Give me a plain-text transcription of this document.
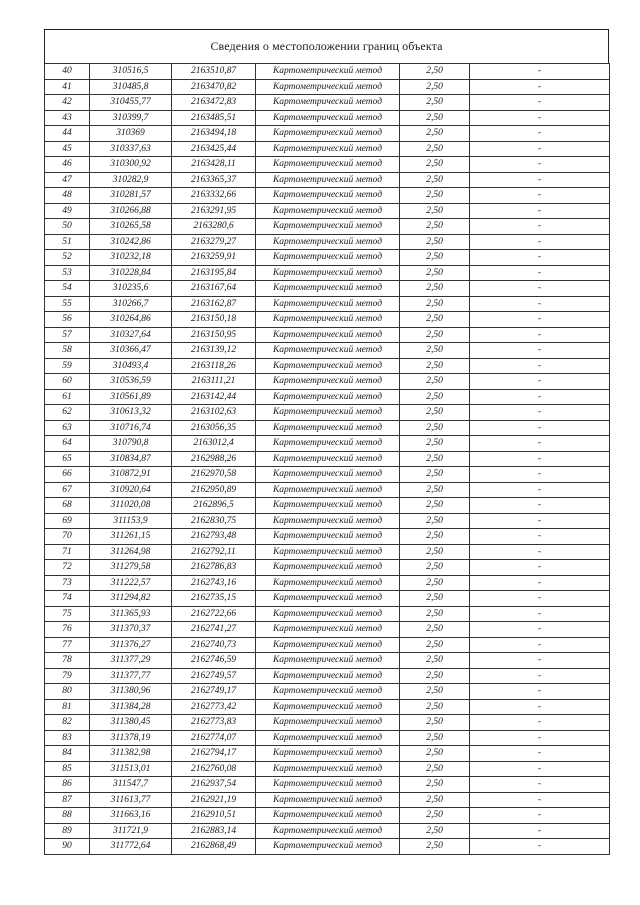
Сведения о местоположении границ объекта
40	310516,5	2163510,87	Картометрический метод	2,50	-
41	310485,8	2163470,82	Картометрический метод	2,50	-
42	310455,77	2163472,83	Картометрический метод	2,50	-
43	310399,7	2163485,51	Картометрический метод	2,50	-
44	310369	2163494,18	Картометрический метод	2,50	-
45	310337,63	2163425,44	Картометрический метод	2,50	-
46	310300,92	2163428,11	Картометрический метод	2,50	-
47	310282,9	2163365,37	Картометрический метод	2,50	-
48	310281,57	2163332,66	Картометрический метод	2,50	-
49	310266,88	2163291,95	Картометрический метод	2,50	-
50	310265,58	2163280,6	Картометрический метод	2,50	-
51	310242,86	2163279,27	Картометрический метод	2,50	-
52	310232,18	2163259,91	Картометрический метод	2,50	-
53	310228,84	2163195,84	Картометрический метод	2,50	-
54	310235,6	2163167,64	Картометрический метод	2,50	-
55	310266,7	2163162,87	Картометрический метод	2,50	-
56	310264,86	2163150,18	Картометрический метод	2,50	-
57	310327,64	2163150,95	Картометрический метод	2,50	-
58	310366,47	2163139,12	Картометрический метод	2,50	-
59	310493,4	2163118,26	Картометрический метод	2,50	-
60	310536,59	2163111,21	Картометрический метод	2,50	-
61	310561,89	2163142,44	Картометрический метод	2,50	-
62	310613,32	2163102,63	Картометрический метод	2,50	-
63	310716,74	2163056,35	Картометрический метод	2,50	-
64	310790,8	2163012,4	Картометрический метод	2,50	-
65	310834,87	2162988,26	Картометрический метод	2,50	-
66	310872,91	2162970,58	Картометрический метод	2,50	-
67	310920,64	2162950,89	Картометрический метод	2,50	-
68	311020,08	2162896,5	Картометрический метод	2,50	-
69	311153,9	2162830,75	Картометрический метод	2,50	-
70	311261,15	2162793,48	Картометрический метод	2,50	-
71	311264,98	2162792,11	Картометрический метод	2,50	-
72	311279,58	2162786,83	Картометрический метод	2,50	-
73	311222,57	2162743,16	Картометрический метод	2,50	-
74	311294,82	2162735,15	Картометрический метод	2,50	-
75	311365,93	2162722,66	Картометрический метод	2,50	-
76	311370,37	2162741,27	Картометрический метод	2,50	-
77	311376,27	2162740,73	Картометрический метод	2,50	-
78	311377,29	2162746,59	Картометрический метод	2,50	-
79	311377,77	2162749,57	Картометрический метод	2,50	-
80	311380,96	2162749,17	Картометрический метод	2,50	-
81	311384,28	2162773,42	Картометрический метод	2,50	-
82	311380,45	2162773,83	Картометрический метод	2,50	-
83	311378,19	2162774,07	Картометрический метод	2,50	-
84	311382,98	2162794,17	Картометрический метод	2,50	-
85	311513,01	2162760,08	Картометрический метод	2,50	-
86	311547,7	2162937,54	Картометрический метод	2,50	-
87	311613,77	2162921,19	Картометрический метод	2,50	-
88	311663,16	2162910,51	Картометрический метод	2,50	-
89	311721,9	2162883,14	Картометрический метод	2,50	-
90	311772,64	2162868,49	Картометрический метод	2,50	-
